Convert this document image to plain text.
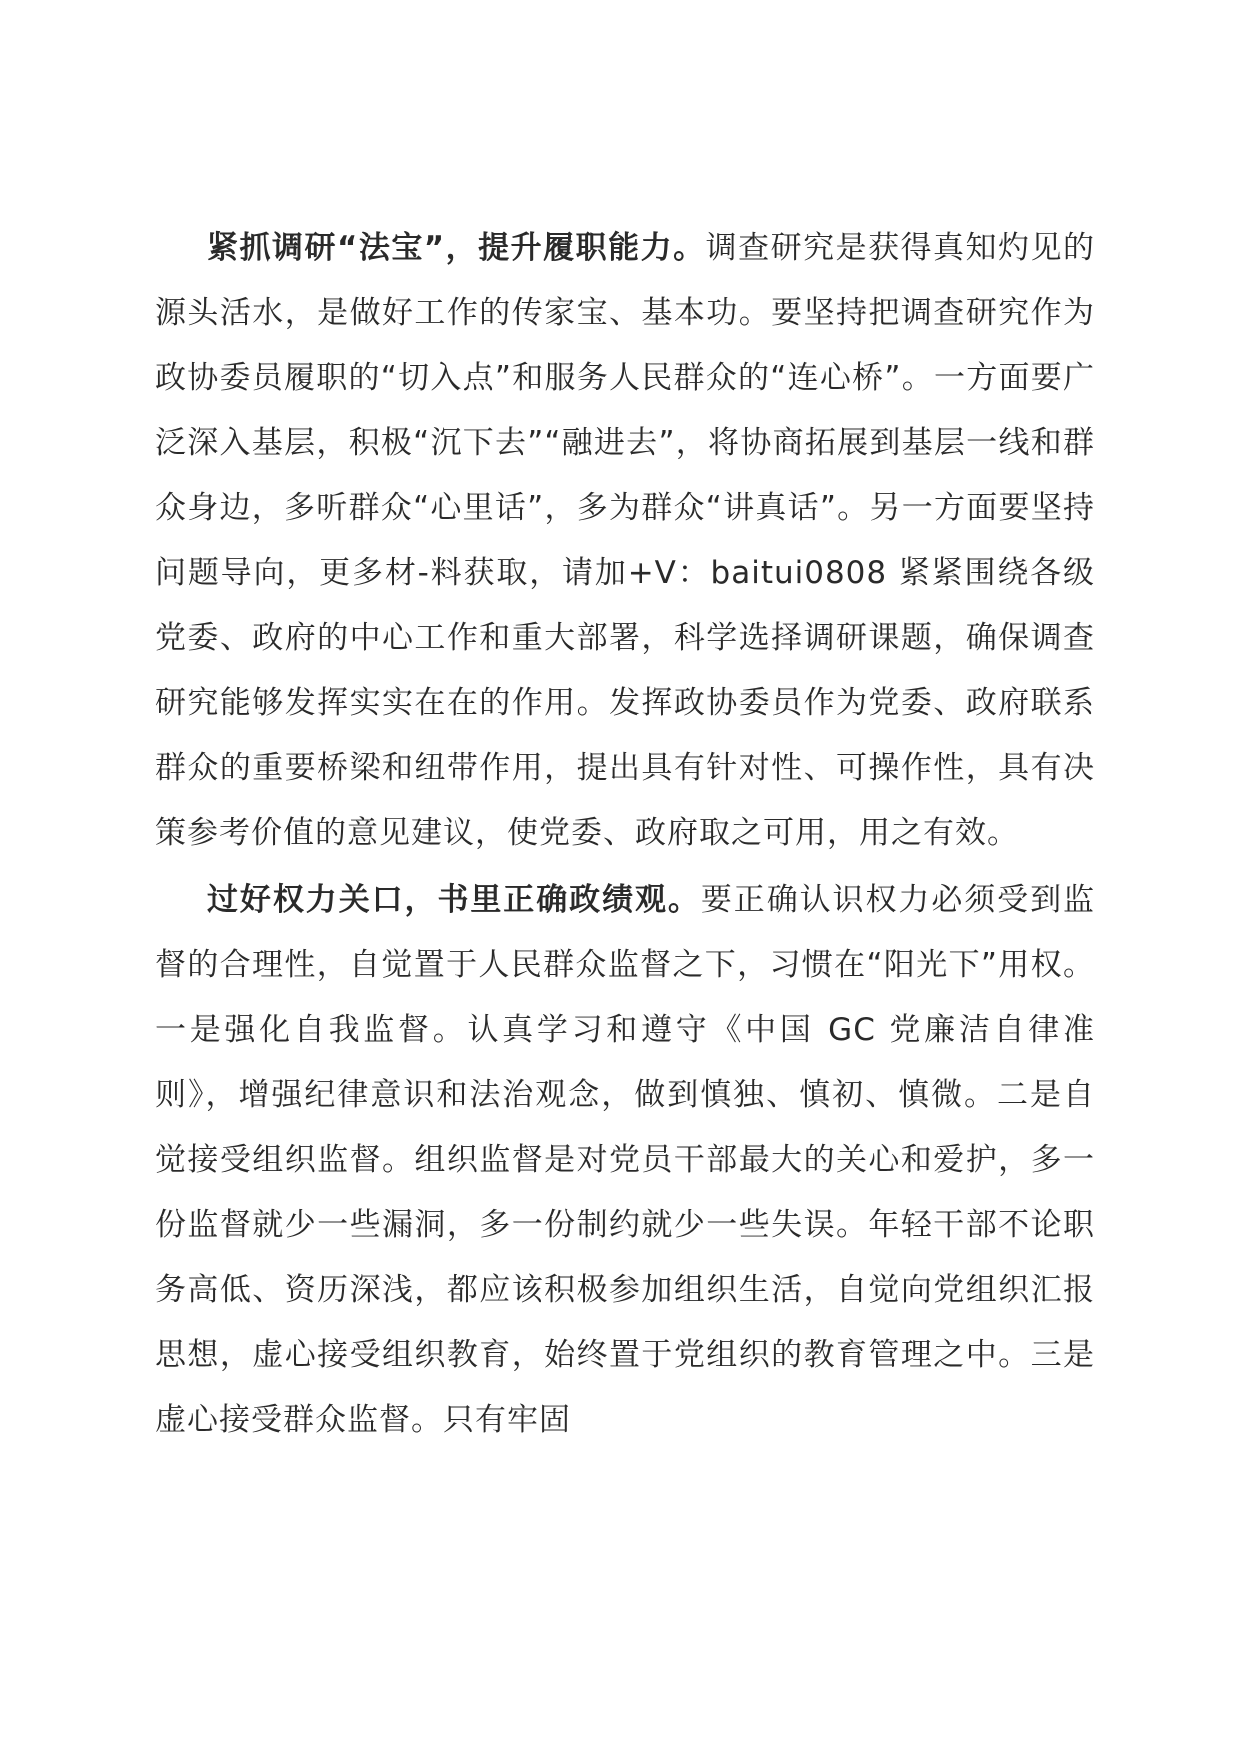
紧抓调研“法宝”，提升履职能力。调查研究是获得真知灼见的源头活水，是做好工作的传家宝、基本功。要坚持把调查研究作为政协委员履职的“切入点”和服务人民群众的“连心桥”。一方面要广泛深入基层，积极“沉下去”“融进去”，将协商拓展到基层一线和群众身边，多听群众“心里话”，多为群众“讲真话”。另一方面要坚持问题导向，更多材-料获取，请加+V：baitui0808 紧紧围绕各级党委、政府的中心工作和重大部署，科学选择调研课题，确保调查研究能够发挥实实在在的作用。发挥政协委员作为党委、政府联系群众的重要桥梁和纽带作用，提出具有针对性、可操作性，具有决策参考价值的意见建议，使党委、政府取之可用，用之有效。

过好权力关口，书里正确政绩观。要正确认识权力必须受到监督的合理性，自觉置于人民群众监督之下，习惯在“阳光下”用权。一是强化自我监督。认真学习和遵守《中国 GC 党廉洁自律准则》，增强纪律意识和法治观念，做到慎独、慎初、慎微。二是自觉接受组织监督。组织监督是对党员干部最大的关心和爱护，多一份监督就少一些漏洞，多一份制约就少一些失误。年轻干部不论职务高低、资历深浅，都应该积极参加组织生活，自觉向党组织汇报思想，虚心接受组织教育，始终置于党组织的教育管理之中。三是虚心接受群众监督。只有牢固
